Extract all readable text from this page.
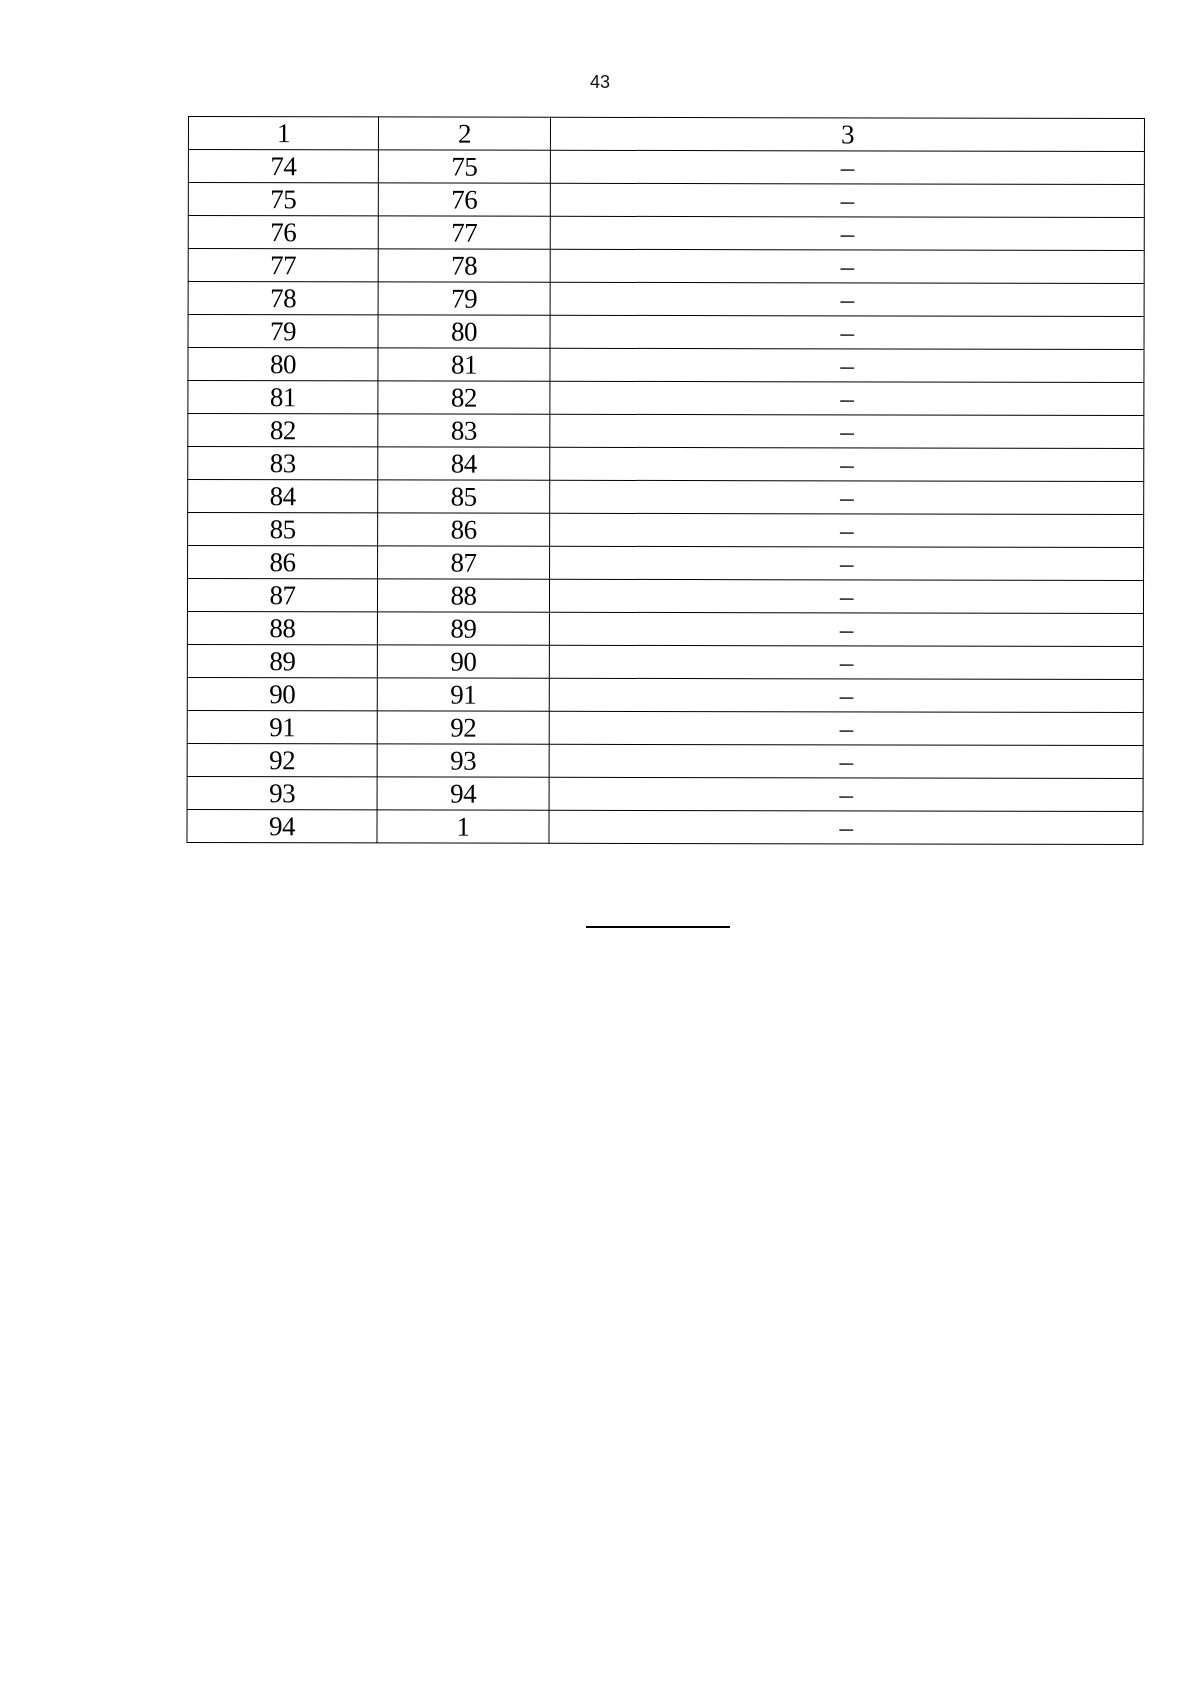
43
1	2	3
74	75	–
75	76	–
76	77	–
77	78	–
78	79	–
79	80	–
80	81	–
81	82	–
82	83	–
83	84	–
84	85	–
85	86	–
86	87	–
87	88	–
88	89	–
89	90	–
90	91	–
91	92	–
92	93	–
93	94	–
94	1	–
